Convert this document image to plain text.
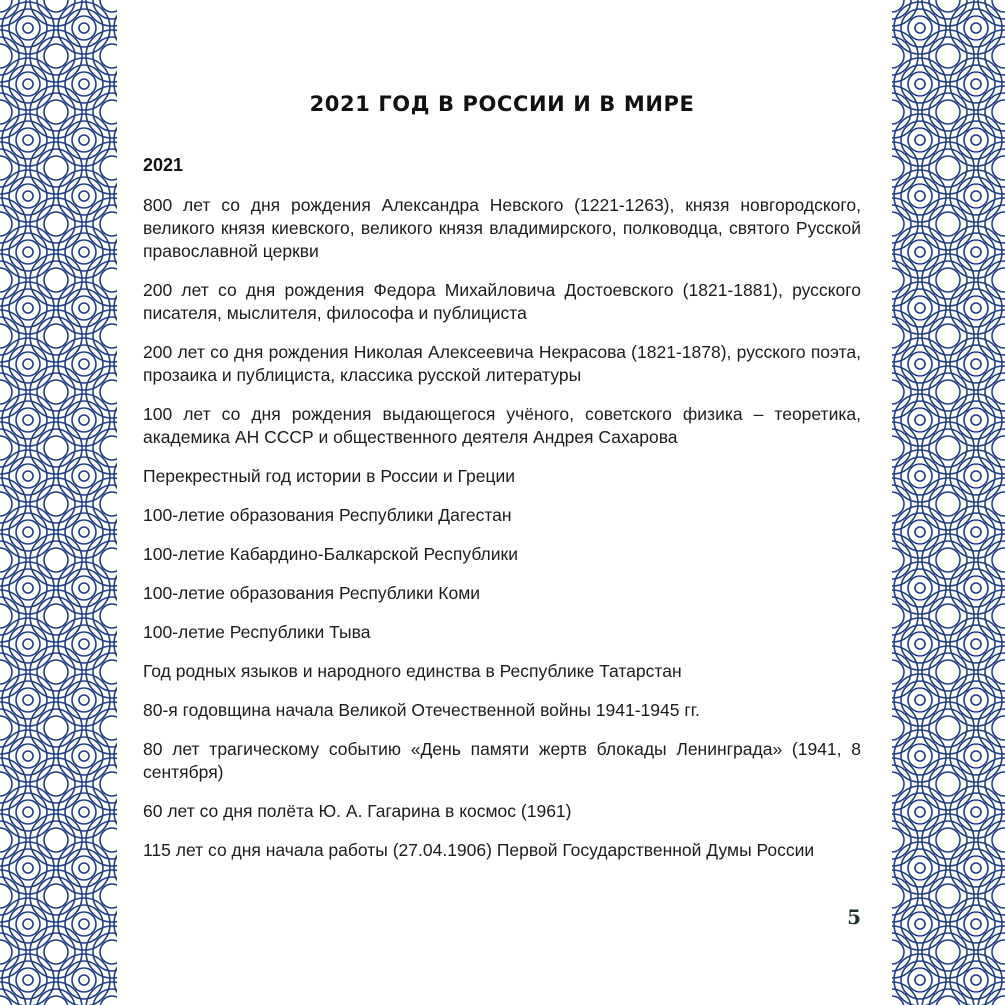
2021 ГОД В РОССИИ И В МИРЕ
2021
800 лет со дня рождения Александра Невского (1221-1263), князя новгородского, великого князя киевского, великого князя владимирского, полководца, святого Русской православной церкви
200 лет со дня рождения Федора Михайловича Достоевского (1821-1881), русского писателя, мыслителя, философа и публициста
200 лет со дня рождения Николая Алексеевича Некрасова (1821-1878), русского поэта, прозаика и публициста, классика русской литературы
100 лет со дня рождения выдающегося учёного, советского физика – теоретика, академика АН СССР и общественного деятеля Андрея Сахарова
Перекрестный год истории в России и Греции
100-летие образования Республики Дагестан
100-летие Кабардино-Балкарской Республики
100-летие образования Республики Коми
100-летие Республики Тыва
Год родных языков и народного единства в Республике Татарстан
80-я годовщина начала Великой Отечественной войны 1941-1945 гг.
80 лет трагическому событию «День памяти жертв блокады Ленинграда» (1941, 8 сентября)
60 лет со дня полёта Ю. А. Гагарина в космос (1961)
115 лет со дня начала работы (27.04.1906) Первой Государственной Думы России
5
